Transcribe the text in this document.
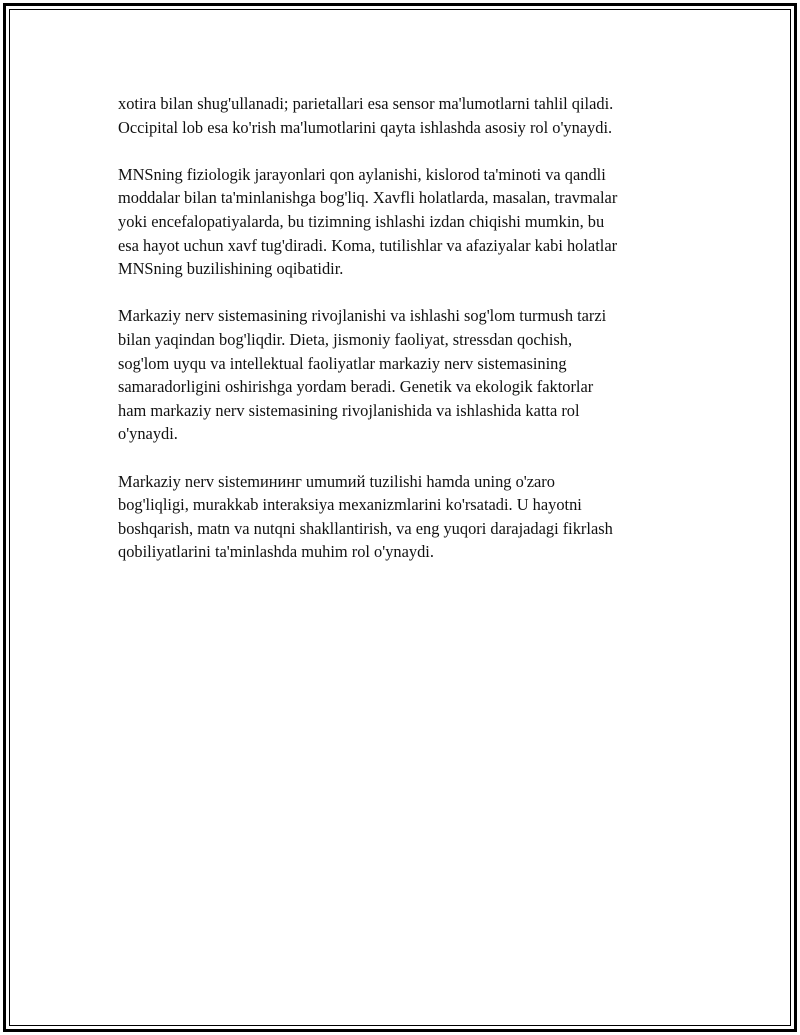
xotira bilan shug'ullanadi; parietallari esa sensor ma'lumotlarni tahlil qiladi.
Occipital lob esa ko'rish ma'lumotlarini qayta ishlashda asosiy rol o'ynaydi.

MNSning fiziologik jarayonlari qon aylanishi, kislorod ta'minoti va qandli
moddalar bilan ta'minlanishga bog'liq. Xavfli holatlarda, masalan, travmalar
yoki encefalopatiyalarda, bu tizimning ishlashi izdan chiqishi mumkin, bu
esa hayot uchun xavf tug'diradi. Koma, tutilishlar va afaziyalar kabi holatlar
MNSning buzilishining oqibatidir.

Markaziy nerv sistemasining rivojlanishi va ishlashi sog'lom turmush tarzi
bilan yaqindan bog'liqdir. Dieta, jismoniy faoliyat, stressdan qochish,
sog'lom uyqu va intellektual faoliyatlar markaziy nerv sistemasining
samaradorligini oshirishga yordam beradi. Genetik va ekologik faktorlar
ham markaziy nerv sistemasining rivojlanishida va ishlashida katta rol
o'ynaydi.

Markaziy nerv sistemининг umumий tuzilishi hamda uning o'zaro
bog'liqligi, murakkab interaksiya mexanizmlarini ko'rsatadi. U hayotni
boshqarish, matn va nutqni shakllantirish, va eng yuqori darajadagi fikrlash
qobiliyatlarini ta'minlashda muhim rol o'ynaydi.
